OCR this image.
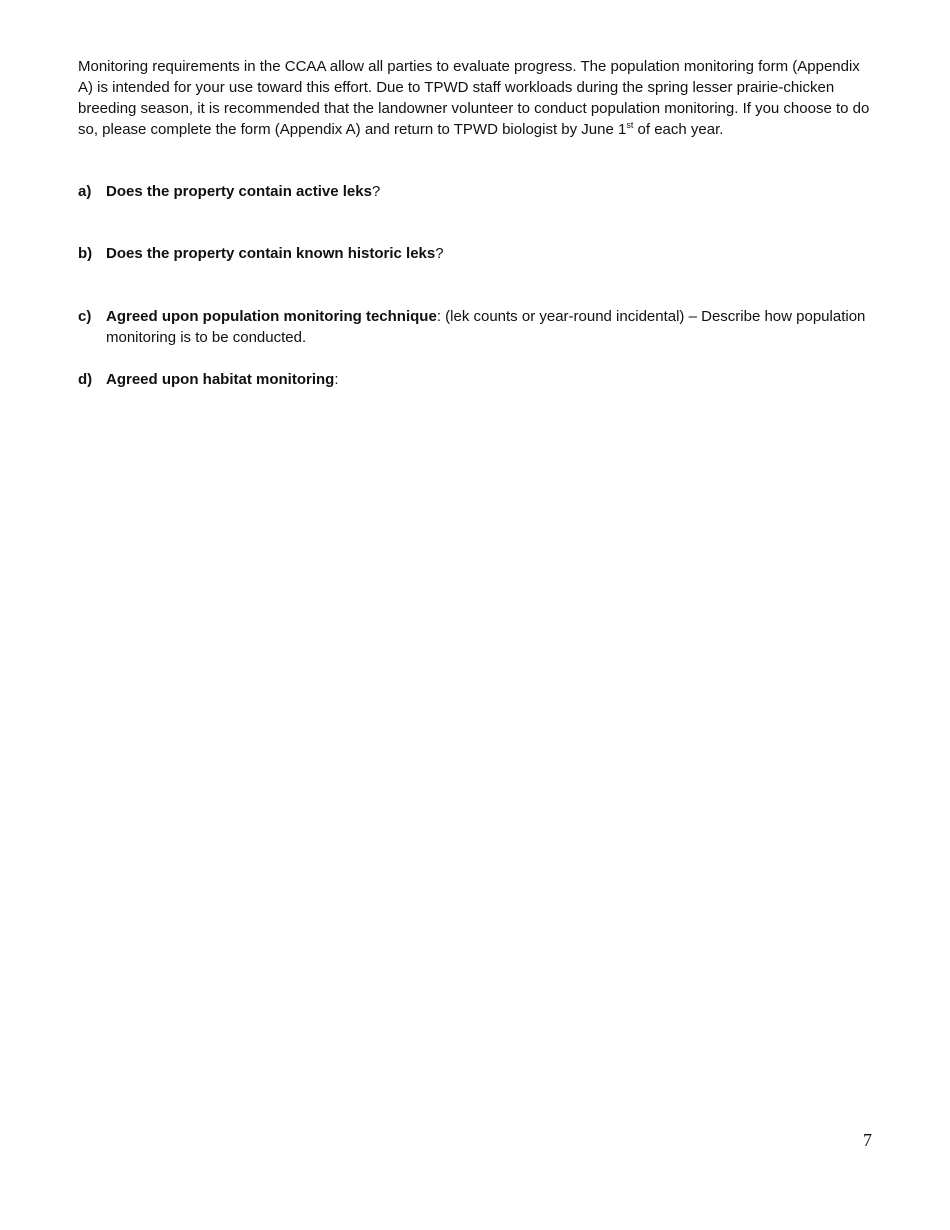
Monitoring requirements in the CCAA allow all parties to evaluate progress. The population monitoring form (Appendix A) is intended for your use toward this effort. Due to TPWD staff workloads during the spring lesser prairie-chicken breeding season, it is recommended that the landowner volunteer to conduct population monitoring. If you choose to do so, please complete the form (Appendix A) and return to TPWD biologist by June 1st of each year.

a) Does the property contain active leks?
b) Does the property contain known historic leks?
c) Agreed upon population monitoring technique: (lek counts or year-round incidental) – Describe how population monitoring is to be conducted.
d) Agreed upon habitat monitoring:
7
